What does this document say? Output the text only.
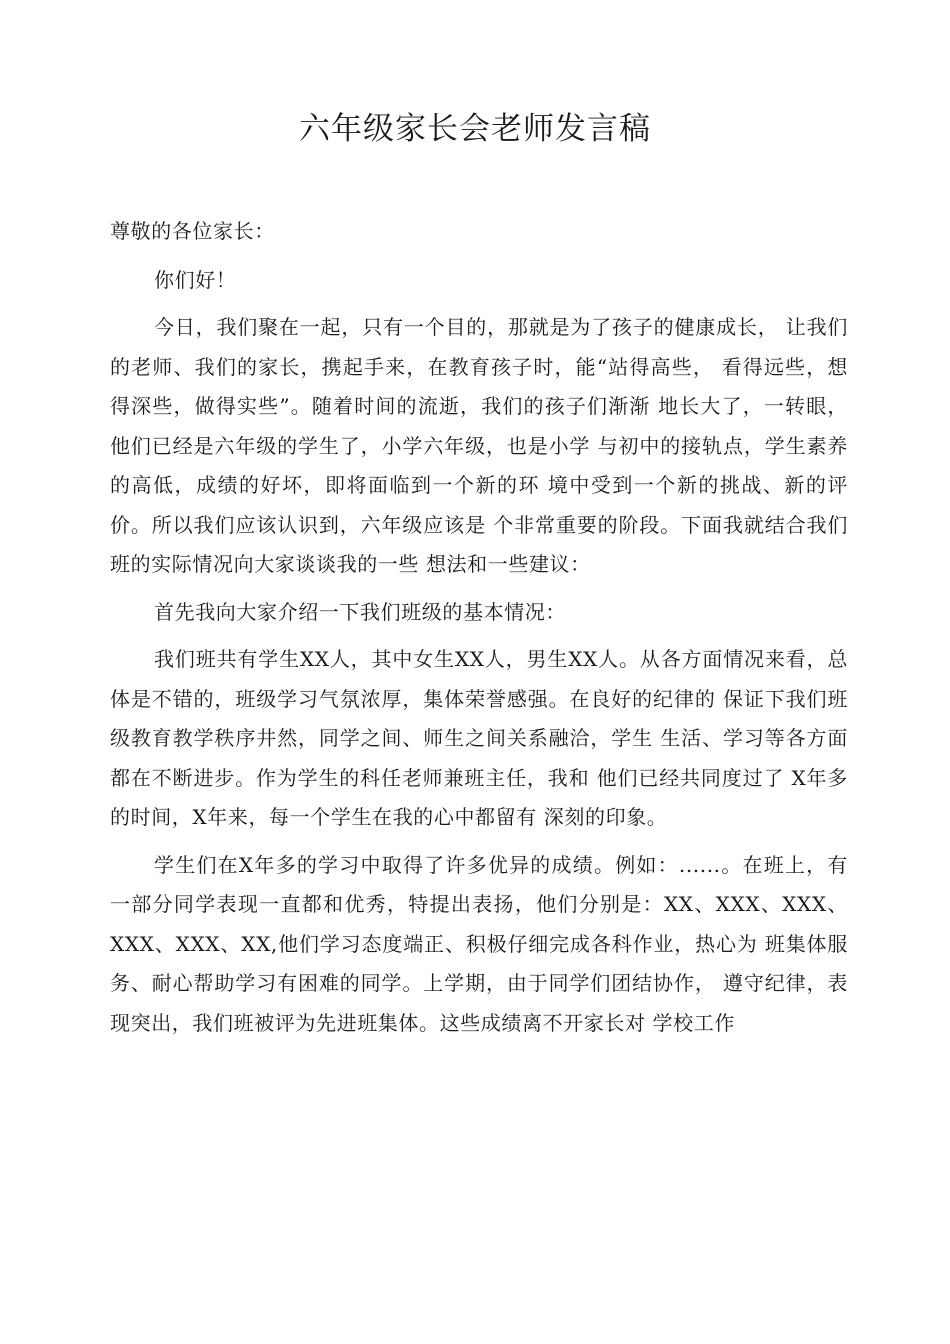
六年级家长会老师发言稿

尊敬的各位家长：

你们好！

今日，我们聚在一起，只有一个目的，那就是为了孩子的健康成长， 让我们的老师、我们的家长，携起手来，在教育孩子时，能“站得高些， 看得远些，想得深些，做得实些”。随着时间的流逝，我们的孩子们渐渐 地长大了，一转眼，他们已经是六年级的学生了，小学六年级，也是小学 与初中的接轨点，学生素养的高低，成绩的好坏，即将面临到一个新的环 境中受到一个新的挑战、新的评价。所以我们应该认识到，六年级应该是 个非常重要的阶段。下面我就结合我们班的实际情况向大家谈谈我的一些 想法和一些建议：

首先我向大家介绍一下我们班级的基本情况：

我们班共有学生XX人，其中女生XX人，男生XX人。从各方面情况来看，总体是不错的，班级学习气氛浓厚，集体荣誉感强。在良好的纪律的 保证下我们班级教育教学秩序井然，同学之间、师生之间关系融洽，学生 生活、学习等各方面都在不断进步。作为学生的科任老师兼班主任，我和 他们已经共同度过了 X年多的时间，X年来，每一个学生在我的心中都留有 深刻的印象。

学生们在X年多的学习中取得了许多优异的成绩。例如：......。在班上，有一部分同学表现一直都和优秀，特提出表扬，他们分别是：XX、XXX、XXX、XXX、XXX、XX,他们学习态度端正、积极仔细完成各科作业，热心为 班集体服务、耐心帮助学习有困难的同学。上学期，由于同学们团结协作， 遵守纪律，表现突出，我们班被评为先进班集体。这些成绩离不开家长对 学校工作
